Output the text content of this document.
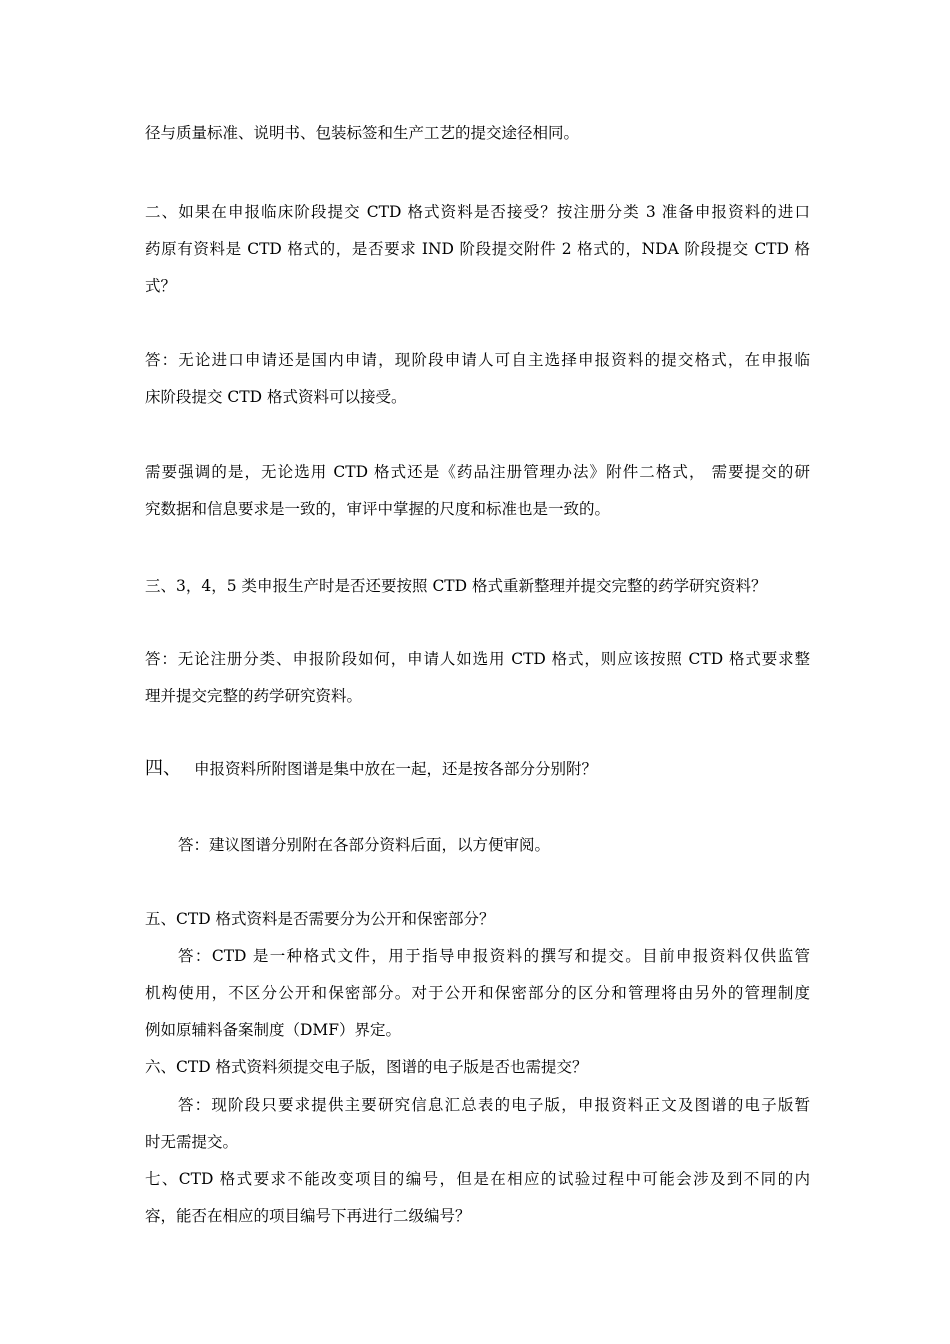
径与质量标准、说明书、包装标签和生产工艺的提交途径相同。
二、如果在申报临床阶段提交 CTD 格式资料是否接受？按注册分类 3 准备申报资料的进口
药原有资料是 CTD 格式的，是否要求 IND 阶段提交附件 2 格式的，NDA 阶段提交 CTD 格
式？
答：无论进口申请还是国内申请，现阶段申请人可自主选择申报资料的提交格式，在申报临
床阶段提交 CTD 格式资料可以接受。
需要强调的是，无论选用 CTD 格式还是《药品注册管理办法》附件二格式， 需要提交的研
究数据和信息要求是一致的，审评中掌握的尺度和标准也是一致的。
三、3，4，5 类申报生产时是否还要按照 CTD 格式重新整理并提交完整的药学研究资料？
答：无论注册分类、申报阶段如何，申请人如选用 CTD 格式，则应该按照 CTD 格式要求整
理并提交完整的药学研究资料。
四、 申报资料所附图谱是集中放在一起，还是按各部分分别附？
答：建议图谱分别附在各部分资料后面，以方便审阅。
五、CTD 格式资料是否需要分为公开和保密部分？
答：CTD 是一种格式文件，用于指导申报资料的撰写和提交。目前申报资料仅供监管
机构使用，不区分公开和保密部分。对于公开和保密部分的区分和管理将由另外的管理制度
例如原辅料备案制度（DMF）界定。
六、CTD 格式资料须提交电子版，图谱的电子版是否也需提交？
答：现阶段只要求提供主要研究信息汇总表的电子版，申报资料正文及图谱的电子版暂
时无需提交。
七、CTD 格式要求不能改变项目的编号，但是在相应的试验过程中可能会涉及到不同的内
容，能否在相应的项目编号下再进行二级编号？
